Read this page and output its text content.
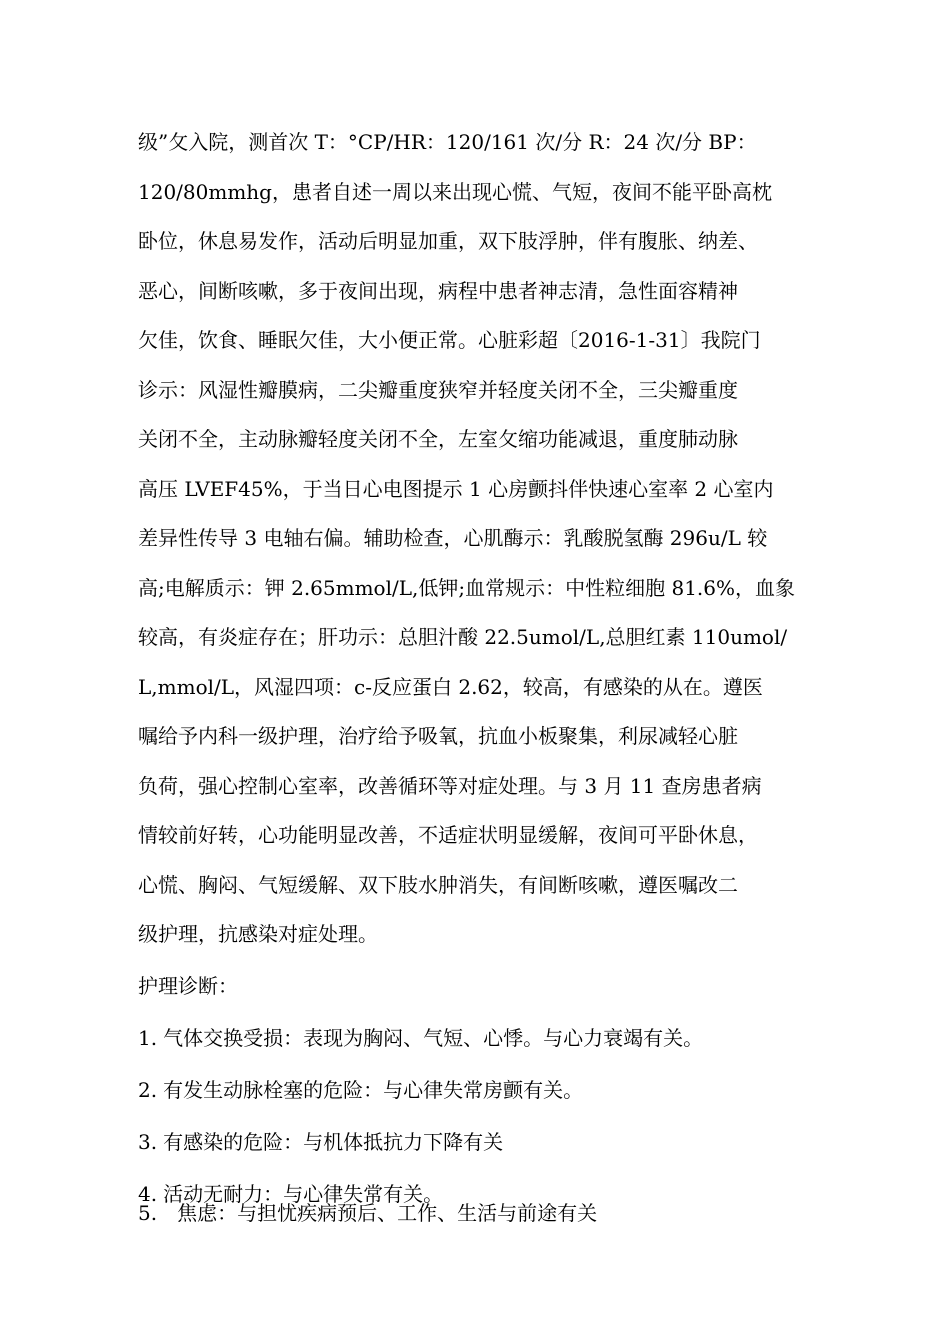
级”攵入院，测首次 T：°CP/HR：120/161 次/分 R：24 次/分 BP：
120/80mmhg，患者自述一周以来出现心慌、气短，夜间不能平卧高枕
卧位，休息易发作，活动后明显加重，双下肢浮肿，伴有腹胀、纳差、
恶心，间断咳嗽，多于夜间出现，病程中患者神志清，急性面容精神
欠佳，饮食、睡眠欠佳，大小便正常。心脏彩超〔2016-1-31〕我院门
诊示：风湿性瓣膜病，二尖瓣重度狭窄并轻度关闭不全，三尖瓣重度
关闭不全，主动脉瓣轻度关闭不全，左室攵缩功能减退，重度肺动脉
高压 LVEF45%，于当日心电图提示 1 心房颤抖伴快速心室率 2 心室内
差异性传导 3 电轴右偏。辅助检查，心肌酶示：乳酸脱氢酶 296u/L 较
高;电解质示：钾 2.65mmol/L,低钾;血常规示：中性粒细胞 81.6%，血象
较高，有炎症存在；肝功示：总胆汁酸 22.5umol/L,总胆红素 110umol/
L,mmol/L，风湿四项：c-反应蛋白 2.62，较高，有感染的从在。遵医
嘱给予内科一级护理，治疗给予吸氧，抗血小板聚集，利尿减轻心脏
负荷，强心控制心室率，改善循环等对症处理。与 3 月 11 查房患者病
情较前好转，心功能明显改善，不适症状明显缓解，夜间可平卧休息，
心慌、胸闷、气短缓解、双下肢水肿消失，有间断咳嗽，遵医嘱改二
级护理，抗感染对症处理。
护理诊断：
1. 气体交换受损：表现为胸闷、气短、心悸。与心力衰竭有关。
2. 有发生动脉栓塞的危险：与心律失常房颤有关。
3. 有感染的危险：与机体抵抗力下降有关
4. 活动无耐力：与心律失常有关。
5. 焦虑：与担忧疾病预后、工作、生活与前途有关
